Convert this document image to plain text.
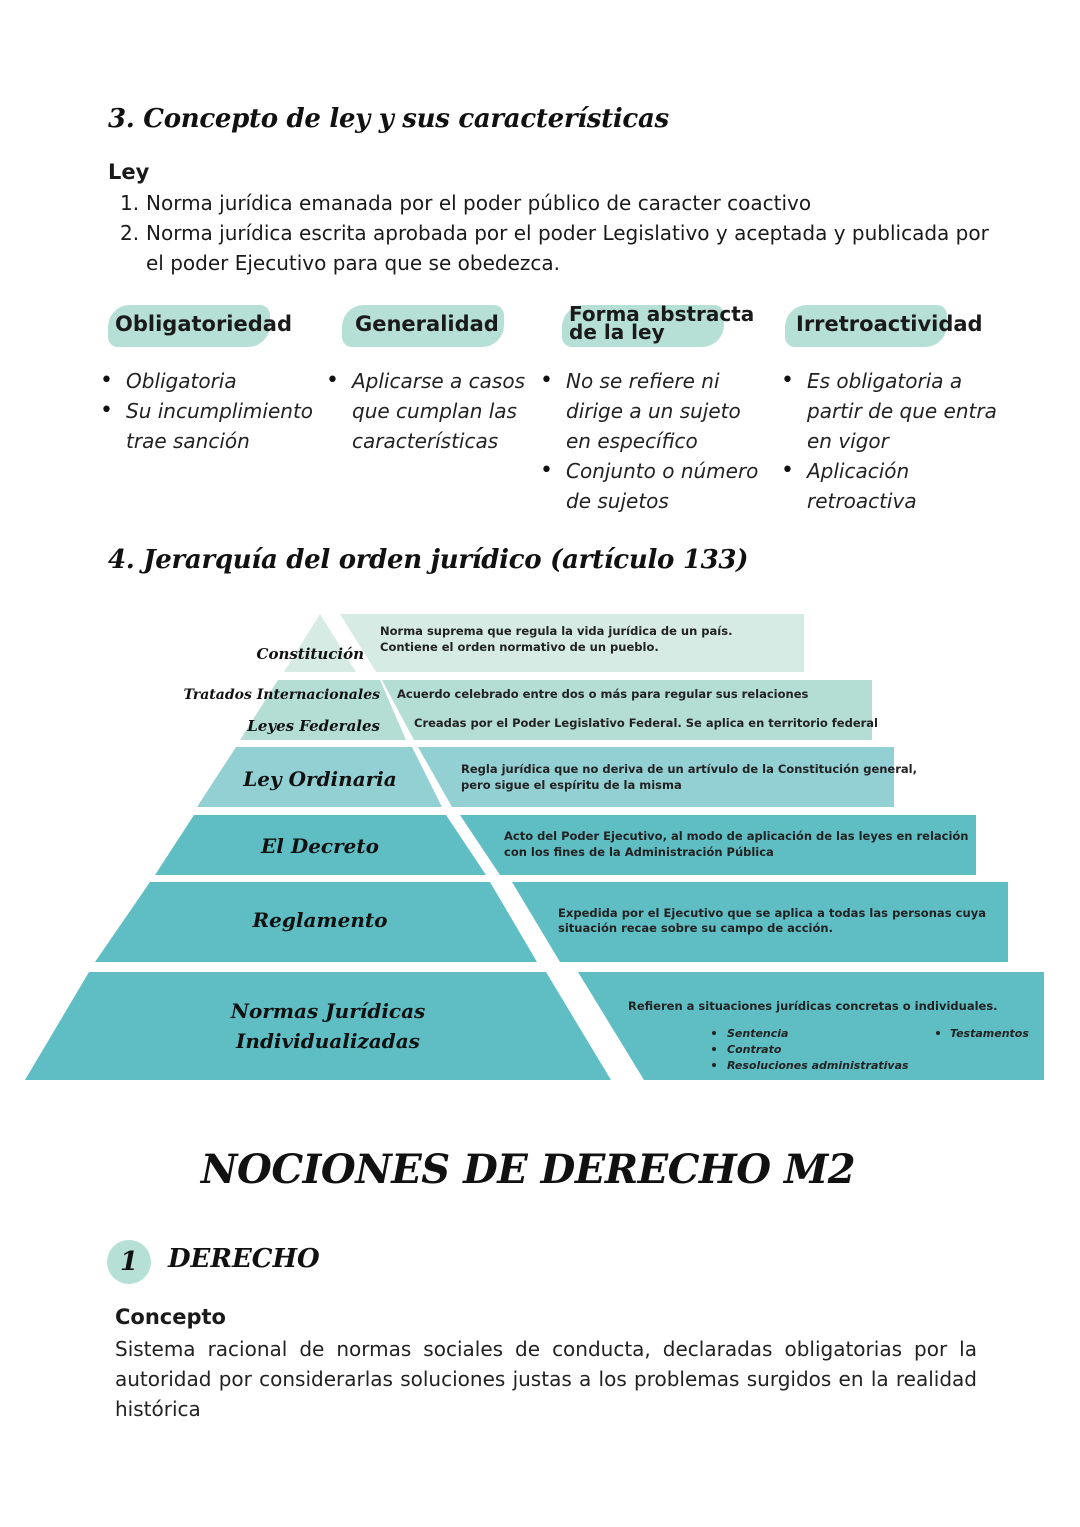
3. Concepto de ley y sus características
Ley
1. Norma jurídica emanada por el poder público de caracter coactivo
2. Norma jurídica escrita aprobada por el poder Legislativo y aceptada y publicada por el poder Ejecutivo para que se obedezca.
Obligatoriedad	Generalidad	Forma abstracta
de la ley	Irretroactividad
• Obligatoria
• Su incumplimiento trae sanción
• Aplicarse a casos que cumplan las características
• No se refiere ni dirige a un sujeto en específico
• Conjunto o número de sujetos
• Es obligatoria a partir de que entra en vigor
• Aplicación retroactiva
4. Jerarquía del orden jurídico (artículo 133)
Constitución
Tratados Internacionales
Leyes Federales
Ley Ordinaria
El Decreto
Reglamento
Normas Jurídicas
Individualizadas
Norma suprema que regula la vida jurídica de un país.
Contiene el orden normativo de un pueblo.
Acuerdo celebrado entre dos o más para regular sus relaciones
Creadas por el Poder Legislativo Federal. Se aplica en territorio federal
Regla jurídica que no deriva de un artívulo de la Constitución general,
pero sigue el espíritu de la misma
Acto del Poder Ejecutivo, al modo de aplicación de las leyes en relación
con los fines de la Administración Pública
Expedida por el Ejecutivo que se aplica a todas las personas cuya
situación recae sobre su campo de acción.
Refieren a situaciones jurídicas concretas o individuales.
Sentencia
Contrato
Resoluciones administrativas
Testamentos
NOCIONES DE DERECHO M2
1	DERECHO
Concepto
Sistema racional de normas sociales de conducta, declaradas obligatorias por la autoridad por considerarlas soluciones justas a los problemas surgidos en la realidad histórica
